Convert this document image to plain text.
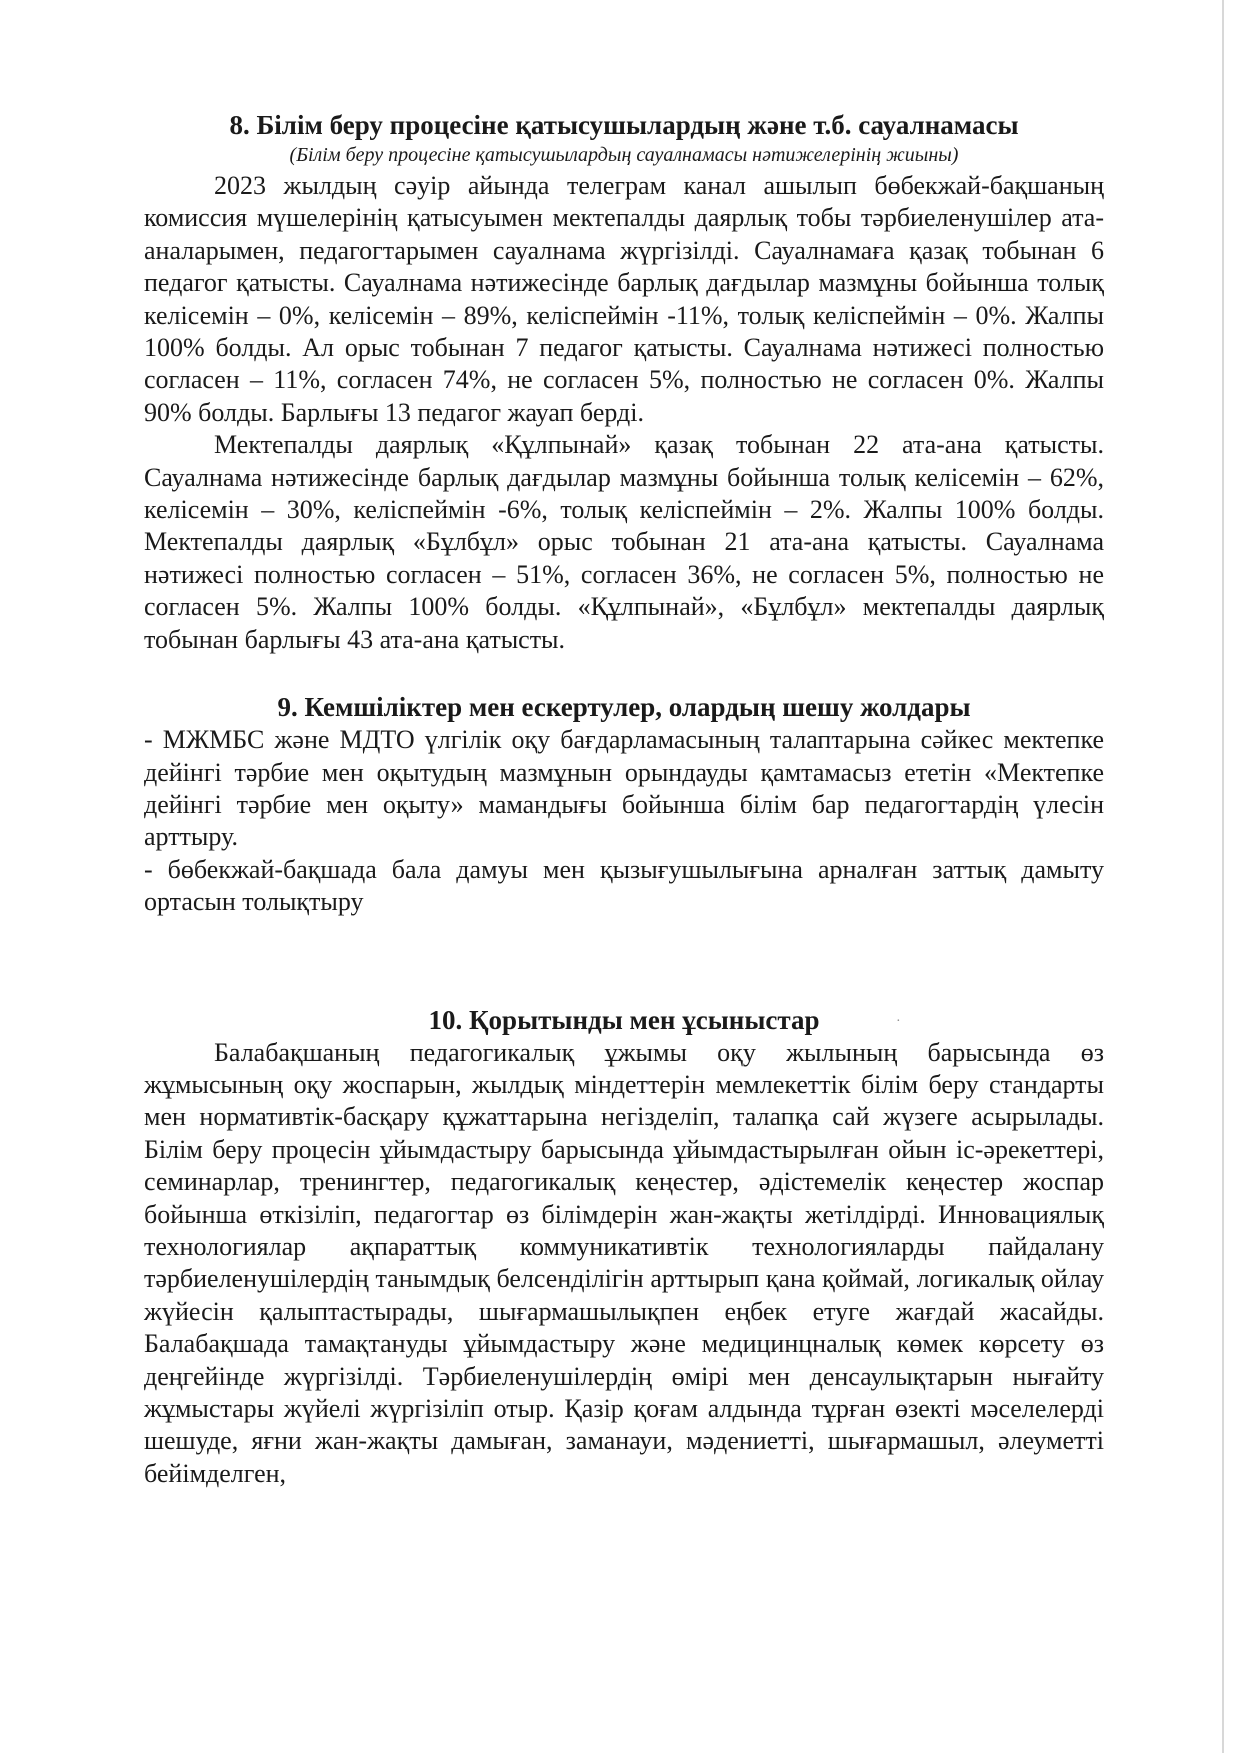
·
8. Білім беру процесіне қатысушылардың және т.б. сауалнамасы
(Білім беру процесіне қатысушылардың сауалнамасы нәтижелерінің жиыны)

2023 жылдың сәуір айында телеграм канал ашылып бөбекжай-бақшаның комиссия мүшелерінің қатысуымен мектепалды даярлық тобы тәрбиеленушілер ата-аналарымен, педагогтарымен сауалнама жүргізілді. Сауалнамаға қазақ тобынан 6 педагог қатысты. Сауалнама нәтижесінде барлық дағдылар мазмұны бойынша толық келісемін – 0%, келісемін – 89%, келіспеймін -11%, толық келіспеймін – 0%. Жалпы 100% болды. Ал орыс тобынан 7 педагог қатысты. Сауалнама нәтижесі полностью согласен – 11%, согласен 74%, не согласен 5%, полностью не согласен 0%. Жалпы 90% болды. Барлығы 13 педагог жауап берді.

Мектепалды даярлық «Құлпынай» қазақ тобынан 22 ата-ана қатысты. Сауалнама нәтижесінде барлық дағдылар мазмұны бойынша толық келісемін – 62%, келісемін – 30%, келіспеймін -6%, толық келіспеймін – 2%. Жалпы 100% болды. Мектепалды даярлық «Бұлбұл» орыс тобынан 21 ата-ана қатысты. Сауалнама нәтижесі полностью согласен – 51%, согласен 36%, не согласен 5%, полностью не согласен 5%. Жалпы 100% болды. «Құлпынай», «Бұлбұл» мектепалды даярлық тобынан барлығы 43 ата-ана қатысты.

9. Кемшіліктер мен ескертулер, олардың шешу жолдары

- МЖМБС және МДТО үлгілік оқу бағдарламасының талаптарына сәйкес мектепке дейінгі тәрбие мен оқытудың мазмұнын орындауды қамтамасыз ететін «Мектепке дейінгі тәрбие мен оқыту» мамандығы бойынша білім бар педагогтардің үлесін арттыру.

- бөбекжай-бақшада бала дамуы мен қызығушылығына арналған заттық дамыту ортасын толықтыру

10. Қорытынды мен ұсыныстар

Балабақшаның педагогикалық ұжымы оқу жылының барысында өз жұмысының оқу жоспарын, жылдық міндеттерін мемлекеттік білім беру стандарты мен нормативтік-басқару құжаттарына негізделіп, талапқа сай жүзеге асырылады. Білім беру процесін ұйымдастыру барысында ұйымдастырылған ойын іс-әрекеттері, семинарлар, тренингтер, педагогикалық кеңестер, әдістемелік кеңестер жоспар бойынша өткізіліп, педагогтар өз білімдерін жан-жақты жетілдірді. Инновациялық технологиялар ақпараттық коммуникативтік технологияларды пайдалану тәрбиеленушілердің танымдық белсенділігін арттырып қана қоймай, логикалық ойлау жүйесін қалыптастырады, шығармашылықпен еңбек етуге жағдай жасайды. Балабақшада тамақтануды ұйымдастыру және медицинцналық көмек көрсету өз деңгейінде жүргізілді. Тәрбиеленушілердің өмірі мен денсаулықтарын нығайту жұмыстары жүйелі жүргізіліп отыр. Қазір қоғам алдында тұрған өзекті мәселелерді шешуде, яғни жан-жақты дамыған, заманауи, мәдениетті, шығармашыл, әлеуметті бейімделген,
